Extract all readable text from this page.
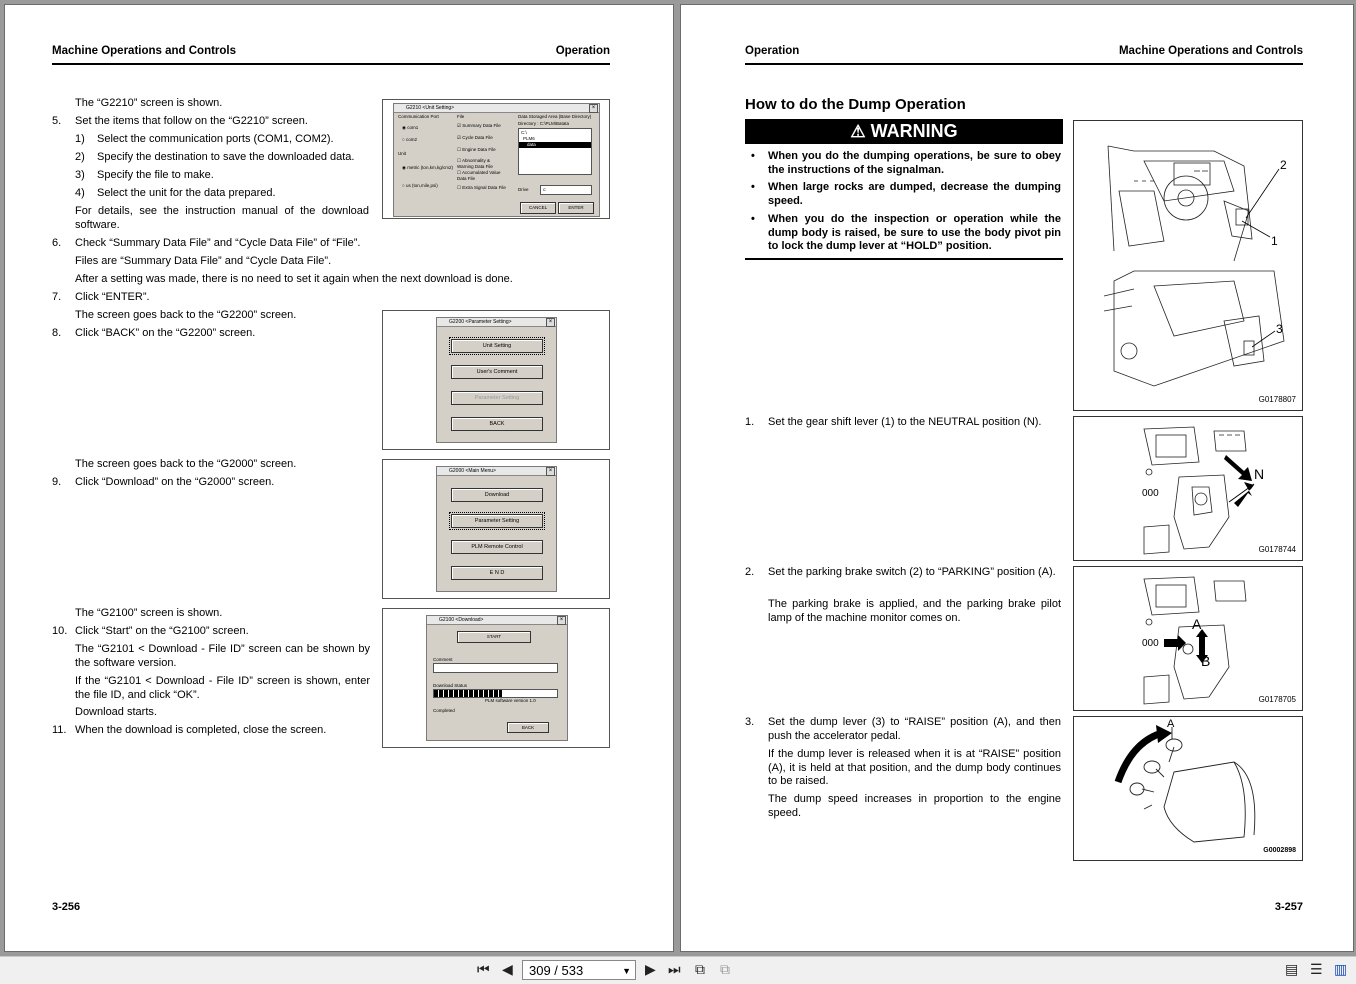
Machine Operations and Controls	Operation
The “G2210” screen is shown.
5. Set the items that follow on the “G2210” screen.
1) Select the communication ports (COM1, COM2).
2) Specify the destination to save the downloaded data.
3) Specify the file to make.
4) Select the unit for the data prepared.
For details, see the instruction manual of the download software.
6. Check “Summary Data File” and “Cycle Data File” of “File”.
Files are “Summary Data File” and “Cycle Data File”.
After a setting was made, there is no need to set it again when the next download is done.
7. Click “ENTER”.
The screen goes back to the “G2200” screen.
8. Click “BACK” on the “G2200” screen.
The screen goes back to the “G2000” screen.
9. Click “Download” on the “G2000” screen.
The “G2100” screen is shown.
10. Click “Start” on the “G2100” screen.
The “G2101 < Download - File ID” screen can be shown by the software version.
If the “G2101 < Download - File ID” screen is shown, enter the file ID, and click “OK”.
Download starts.
11. When the download is completed, close the screen.
G2210 <Unit Setting>	×
Communication Port
◉ com1
○ com2
Unit
◉ metric (ton,km,kg/cm2)
○ us (ton,mile,psi)
File
☑ Summary Data File
☑ Cycle Data File
☐ Engine Data File
☐ Abnormality & Warning Data File
☐ Accumulated Value Data File
☐ Extra Signal Data File
Data Storaged Area (Base Directory)
Directory : C:\PLM\Batata
C:\
PLM6
data
Drive	c:
CANCEL	ENTER
G2200 <Parameter Setting>	×
Unit Setting
User's Comment
Parameter Setting
BACK
G2000 <Main Menu>	×
Download
Parameter Setting
PLM Remote Control
E N D
G2100 <Download>	×
START
Comment
Download Status
PLM software version 1.0
Completed
BACK
3-256
Operation	Machine Operations and Controls
How to do the Dump Operation
⚠ WARNING
• When you do the dumping operations, be sure to obey the instructions of the signalman.
• When large rocks are dumped, decrease the dumping speed.
• When you do the inspection or operation while the dump body is raised, be sure to use the body pivot pin to lock the dump lever at “HOLD” position.
1. Set the gear shift lever (1) to the NEUTRAL position (N).
2. Set the parking brake switch (2) to “PARKING” position (A).
The parking brake is applied, and the parking brake pilot lamp of the machine monitor comes on.
3. Set the dump lever (3) to “RAISE” position (A), and then push the accelerator pedal.
If the dump lever is released when it is at “RAISE” position (A), it is held at that position, and the dump body continues to be raised.
The dump speed increases in proportion to the engine speed.
2
1
3
G0178807
000
N
G0178744
000
A
B
G0178705
A
G0002898
3-257
⏮ ◀	309 / 533	▼ ▶ ⏭ ⧉ ⧉	▤ ☰ ▥
